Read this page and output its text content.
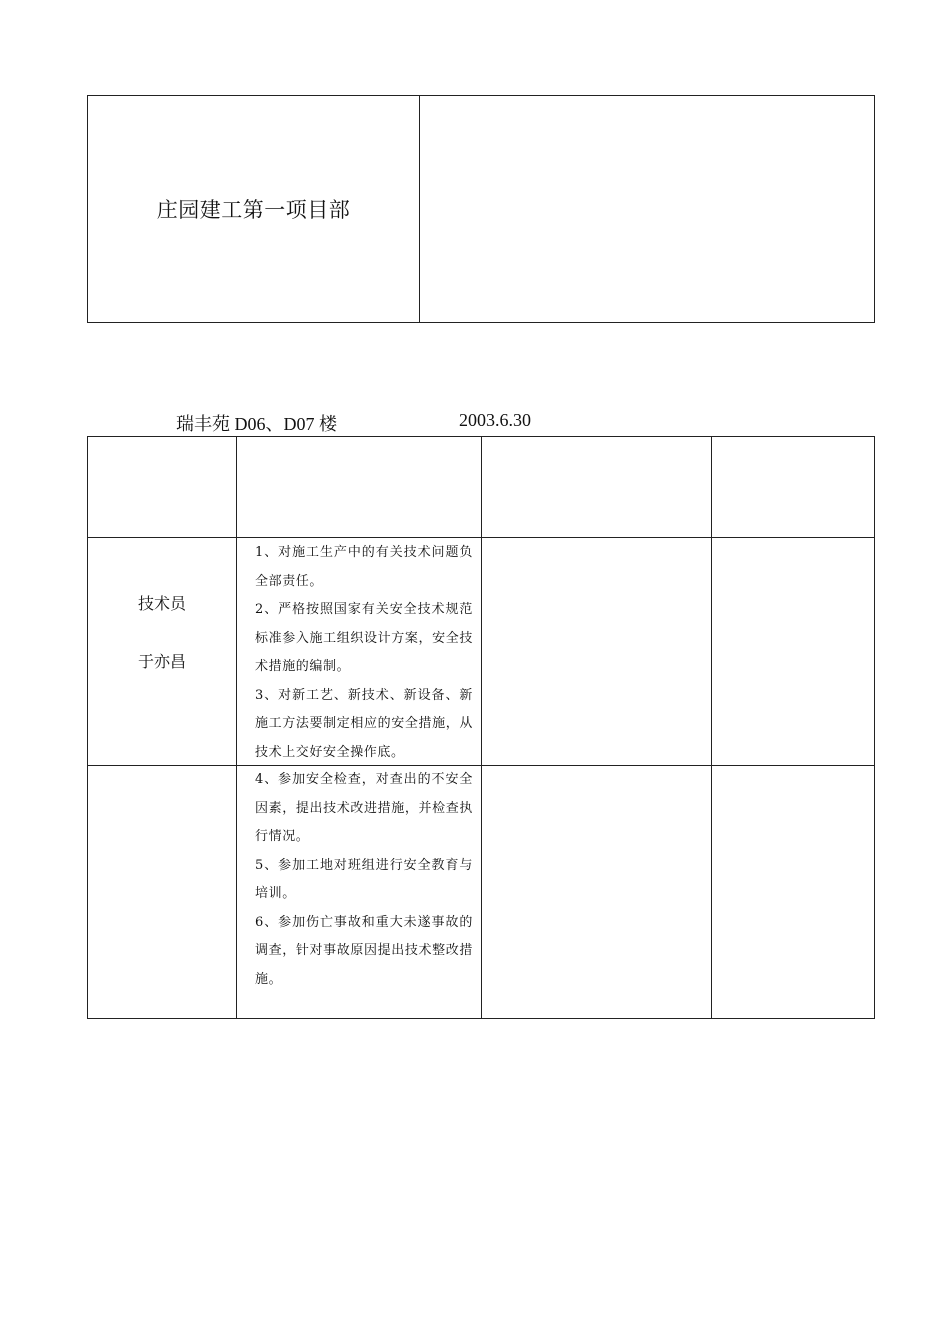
庄园建工第一项目部
瑞丰苑 D06、D07 楼	2003.6.30
技术员
于亦昌

1、对施工生产中的有关技术问题负全部责任。

2、严格按照国家有关安全技术规范标准参入施工组织设计方案，安全技术措施的编制。

3、对新工艺、新技术、新设备、新施工方法要制定相应的安全措施，从技术上交好安全操作底。

4、参加安全检查，对查出的不安全因素，提出技术改进措施，并检查执行情况。

5、参加工地对班组进行安全教育与培训。

6、参加伤亡事故和重大未遂事故的调查，针对事故原因提出技术整改措施。
